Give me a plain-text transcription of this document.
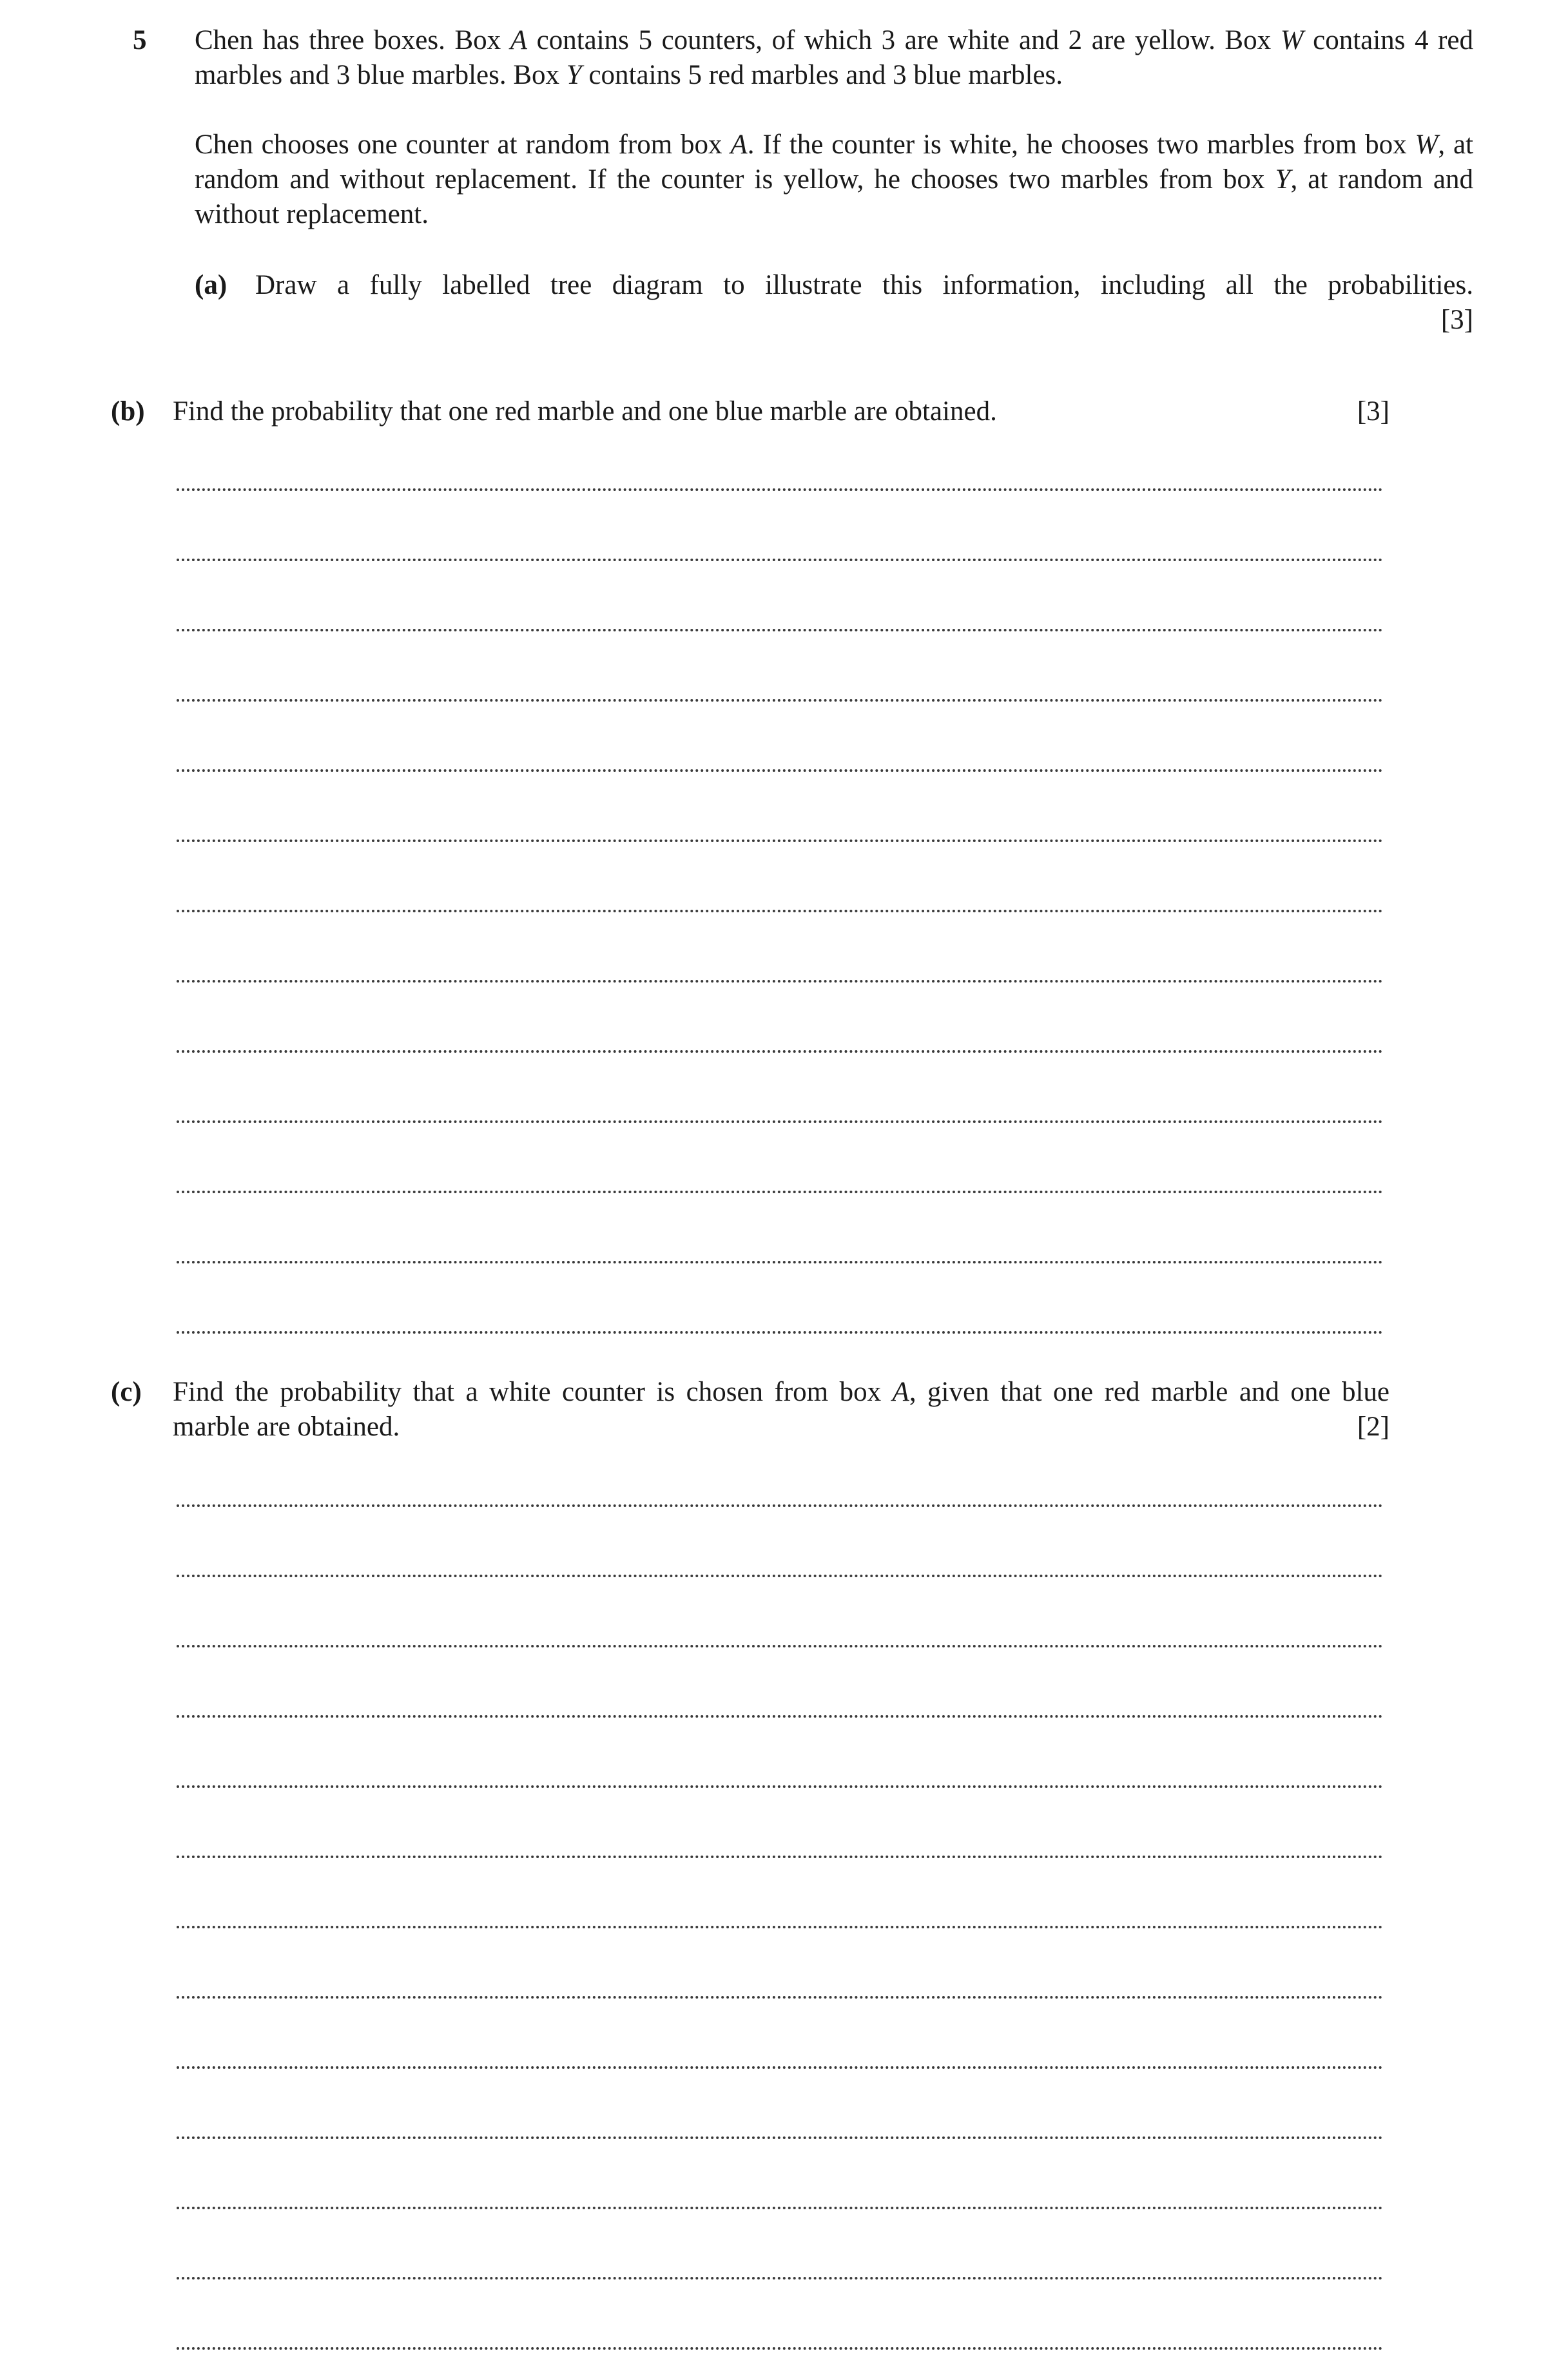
5 Chen has three boxes. Box A contains 5 counters, of which 3 are white and 2 are yellow. Box W contains 4 red marbles and 3 blue marbles. Box Y contains 5 red marbles and 3 blue marbles.
Chen chooses one counter at random from box A. If the counter is white, he chooses two marbles from box W, at random and without replacement. If the counter is yellow, he chooses two marbles from box Y, at random and without replacement.
(a) Draw a fully labelled tree diagram to illustrate this information, including all the probabilities.
[3]
(b) Find the probability that one red marble and one blue marble are obtained.	[3]
(c) Find the probability that a white counter is chosen from box A, given that one red marble and one blue marble are obtained.	[2]
